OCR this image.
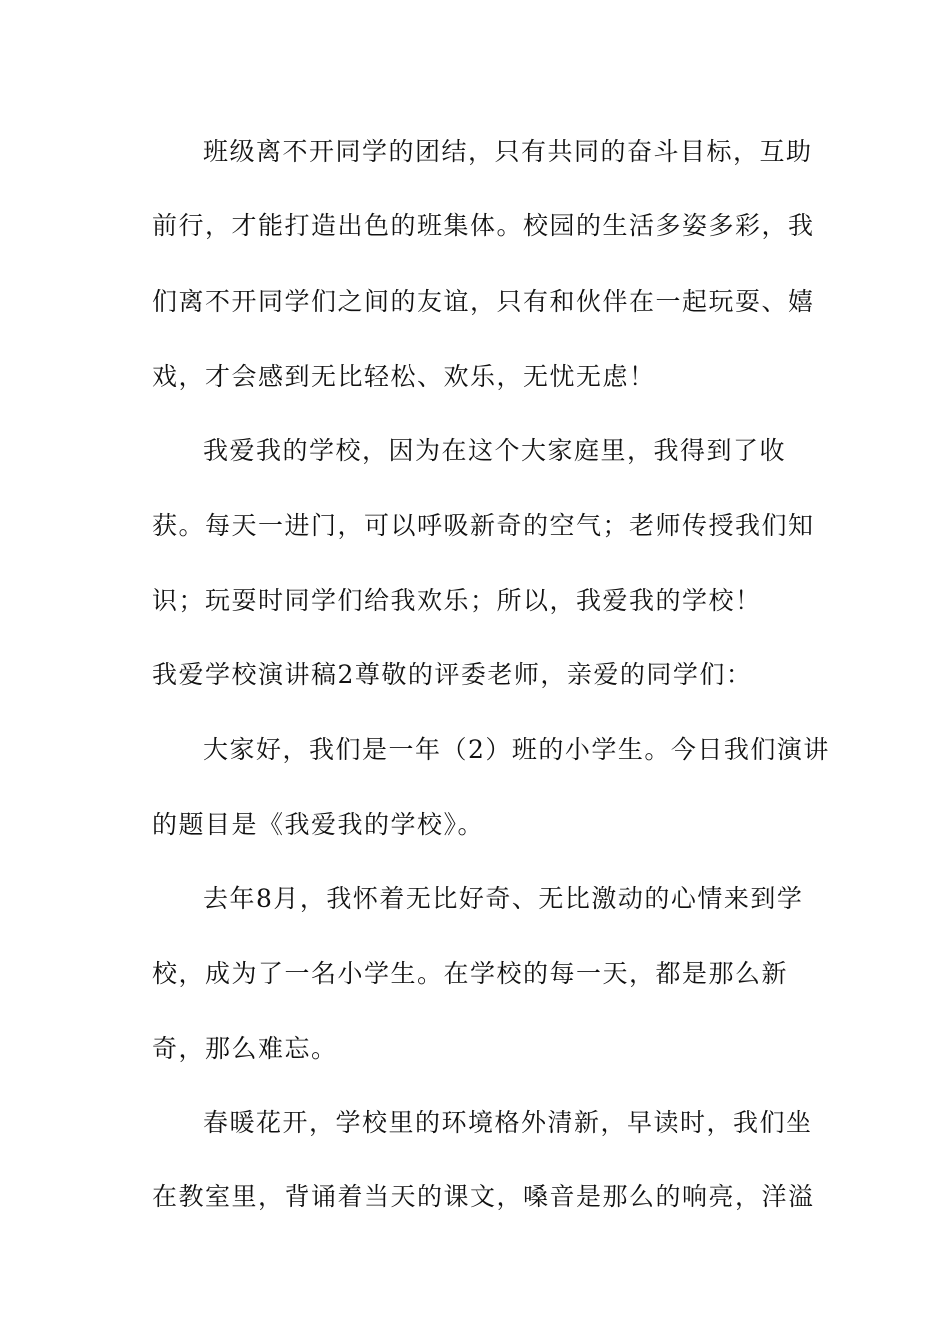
班级离不开同学的团结，只有共同的奋斗目标，互助

前行，才能打造出色的班集体。校园的生活多姿多彩，我

们离不开同学们之间的友谊，只有和伙伴在一起玩耍、嬉

戏，才会感到无比轻松、欢乐，无忧无虑！

我爱我的学校，因为在这个大家庭里，我得到了收

获。每天一进门，可以呼吸新奇的空气；老师传授我们知

识；玩耍时同学们给我欢乐；所以，我爱我的学校！

我爱学校演讲稿2尊敬的评委老师，亲爱的同学们：

大家好，我们是一年（2）班的小学生。今日我们演讲

的题目是《我爱我的学校》。

去年8月，我怀着无比好奇、无比激动的心情来到学

校，成为了一名小学生。在学校的每一天，都是那么新

奇，那么难忘。

春暖花开，学校里的环境格外清新，早读时，我们坐

在教室里，背诵着当天的课文，嗓音是那么的响亮，洋溢
